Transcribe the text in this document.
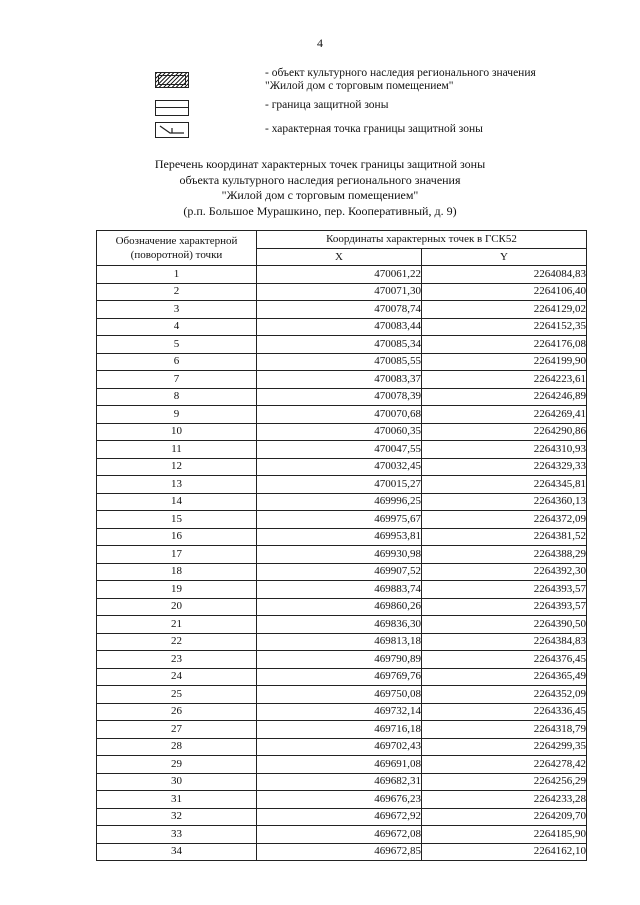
4
- объект культурного наследия регионального значения "Жилой дом с торговым помещением"
- граница защитной зоны
- характерная точка границы защитной зоны
Перечень координат характерных точек границы защитной зоны
объекта культурного наследия регионального значения
"Жилой дом с торговым помещением"
(р.п. Большое Мурашкино, пер. Кооперативный, д. 9)
Обозначение характерной (поворотной) точки	Координаты характерных точек в ГСК52	
	X	Y
1	470061,22	2264084,83
2	470071,30	2264106,40
3	470078,74	2264129,02
4	470083,44	2264152,35
5	470085,34	2264176,08
6	470085,55	2264199,90
7	470083,37	2264223,61
8	470078,39	2264246,89
9	470070,68	2264269,41
10	470060,35	2264290,86
11	470047,55	2264310,93
12	470032,45	2264329,33
13	470015,27	2264345,81
14	469996,25	2264360,13
15	469975,67	2264372,09
16	469953,81	2264381,52
17	469930,98	2264388,29
18	469907,52	2264392,30
19	469883,74	2264393,57
20	469860,26	2264393,57
21	469836,30	2264390,50
22	469813,18	2264384,83
23	469790,89	2264376,45
24	469769,76	2264365,49
25	469750,08	2264352,09
26	469732,14	2264336,45
27	469716,18	2264318,79
28	469702,43	2264299,35
29	469691,08	2264278,42
30	469682,31	2264256,29
31	469676,23	2264233,28
32	469672,92	2264209,70
33	469672,08	2264185,90
34	469672,85	2264162,10
